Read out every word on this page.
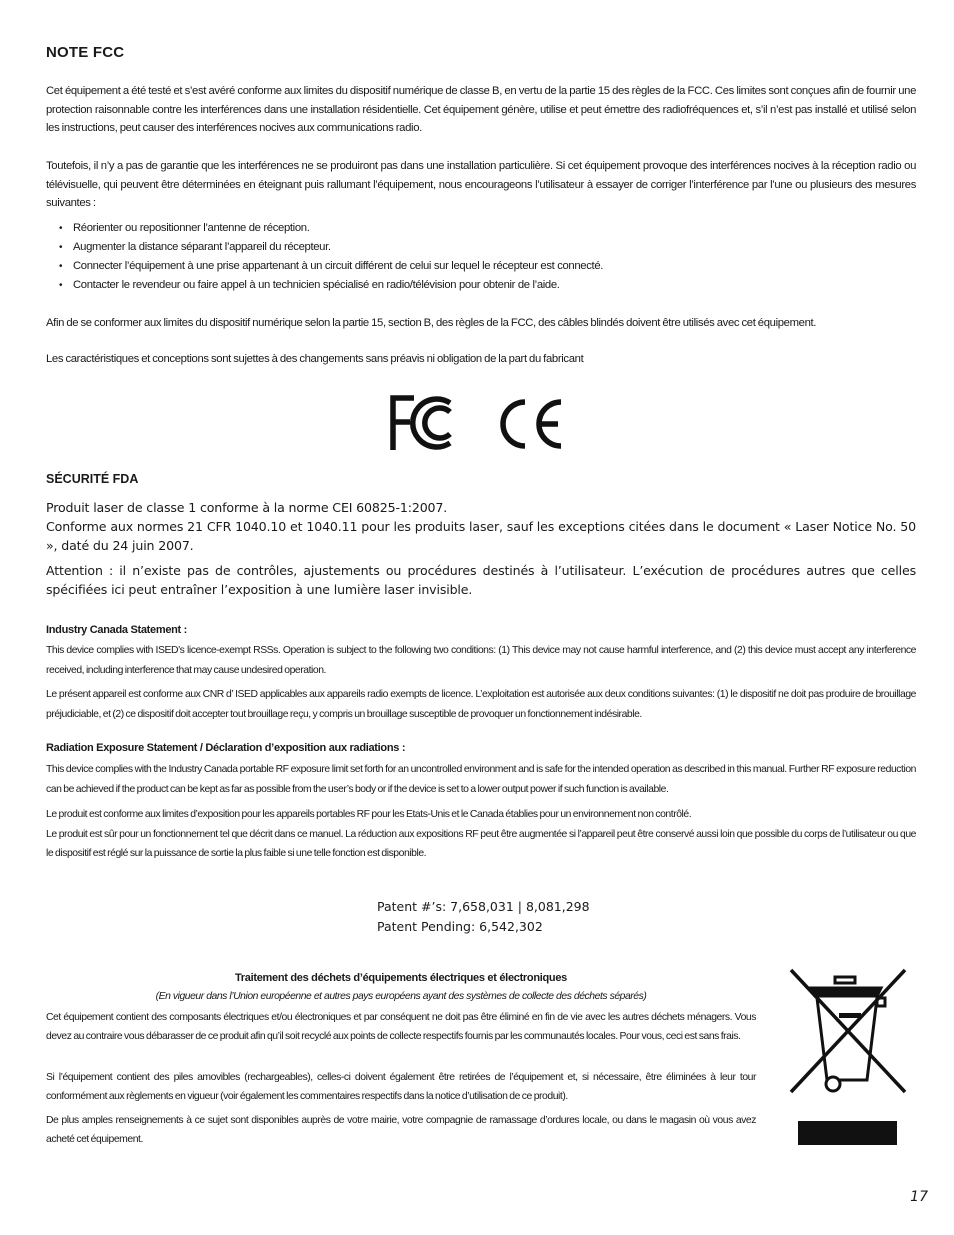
NOTE FCC

Cet équipement a été testé et s’est avéré conforme aux limites du dispositif numérique de classe B, en vertu de la partie 15 des règles de la FCC. Ces limites sont conçues afin de fournir une protection raisonnable contre les interférences dans une installation résidentielle. Cet équipement génère, utilise et peut émettre des radiofréquences et, s’il n’est pas installé et utilisé selon les instructions, peut causer des interférences nocives aux communications radio.

Toutefois, il n’y a pas de garantie que les interférences ne se produiront pas dans une installation particulière. Si cet équipement provoque des interférences nocives à la réception radio ou télévisuelle, qui peuvent être déterminées en éteignant puis rallumant l’équipement, nous encourageons l’utilisateur à essayer de corriger l’interférence par l’une ou plusieurs des mesures suivantes :

• Réorienter ou repositionner l’antenne de réception.
• Augmenter la distance séparant l’appareil du récepteur.
• Connecter l’équipement à une prise appartenant à un circuit différent de celui sur lequel le récepteur est connecté.
• Contacter le revendeur ou faire appel à un technicien spécialisé en radio/télévision pour obtenir de l’aide.

Afin de se conformer aux limites du dispositif numérique selon la partie 15, section B, des règles de la FCC, des câbles blindés doivent être utilisés avec cet équipement.

Les caractéristiques et conceptions sont sujettes à des changements sans préavis ni obligation de la part du fabricant

SÉCURITÉ FDA

Produit laser de classe 1 conforme à la norme CEI 60825-1:2007.

Conforme aux normes 21 CFR 1040.10 et 1040.11 pour les produits laser, sauf les exceptions citées dans le document « Laser Notice No. 50 », daté du 24 juin 2007.

Attention : il n’existe pas de contrôles, ajustements ou procédures destinés à l’utilisateur. L’exécution de procédures autres que celles spécifiées ici peut entraîner l’exposition à une lumière laser invisible.

Industry Canada Statement :

This device complies with ISED’s licence-exempt RSSs. Operation is subject to the following two conditions: (1) This device may not cause harmful interference, and (2) this device must accept any interference received, including interference that may cause undesired operation.

Le présent appareil est conforme aux CNR d’ ISED applicables aux appareils radio exempts de licence. L’exploitation est autorisée aux deux conditions suivantes: (1) le dispositif ne doit pas produire de brouillage préjudiciable, et (2) ce dispositif doit accepter tout brouillage reçu, y compris un brouillage susceptible de provoquer un fonctionnement indésirable.

Radiation Exposure Statement / Déclaration d’exposition aux radiations :

This device complies with the Industry Canada portable RF exposure limit set forth for an uncontrolled environment and is safe for the intended operation as described in this manual. Further RF exposure reduction can be achieved if the product can be kept as far as possible from the user’s body or if the device is set to a lower output power if such function is available.

Le produit est conforme aux limites d’exposition pour les appareils portables RF pour les Etats-Unis et le Canada établies pour un environnement non contrôlé.

Le produit est sûr pour un fonctionnement tel que décrit dans ce manuel. La réduction aux expositions RF peut être augmentée si l’appareil peut être conservé aussi loin que possible du corps de l’utilisateur ou que le dispositif est réglé sur la puissance de sortie la plus faible si une telle fonction est disponible.

Patent #’s: 7,658,031 | 8,081,298
Patent Pending: 6,542,302
Traitement des déchets d’équipements électriques et électroniques
(En vigueur dans l’Union européenne et autres pays européens ayant des systèmes de collecte des déchets séparés)

Cet équipement contient des composants électriques et/ou électroniques et par conséquent ne doit pas être éliminé en fin de vie avec les autres déchets ménagers. Vous devez au contraire vous débarasser de ce produit afin qu’il soit recyclé aux points de collecte respectifs fournis par les communautés locales. Pour vous, ceci est sans frais.

Si l’équipement contient des piles amovibles (rechargeables), celles-ci doivent également être retirées de l’équipement et, si nécessaire, être éliminées à leur tour conformément aux règlements en vigueur (voir également les commentaires respectifs dans la notice d’utilisation de ce produit).

De plus amples renseignements à ce sujet sont disponibles auprès de votre mairie, votre compagnie de ramassage d’ordures locale, ou dans le magasin où vous avez acheté cet équipement.

17
